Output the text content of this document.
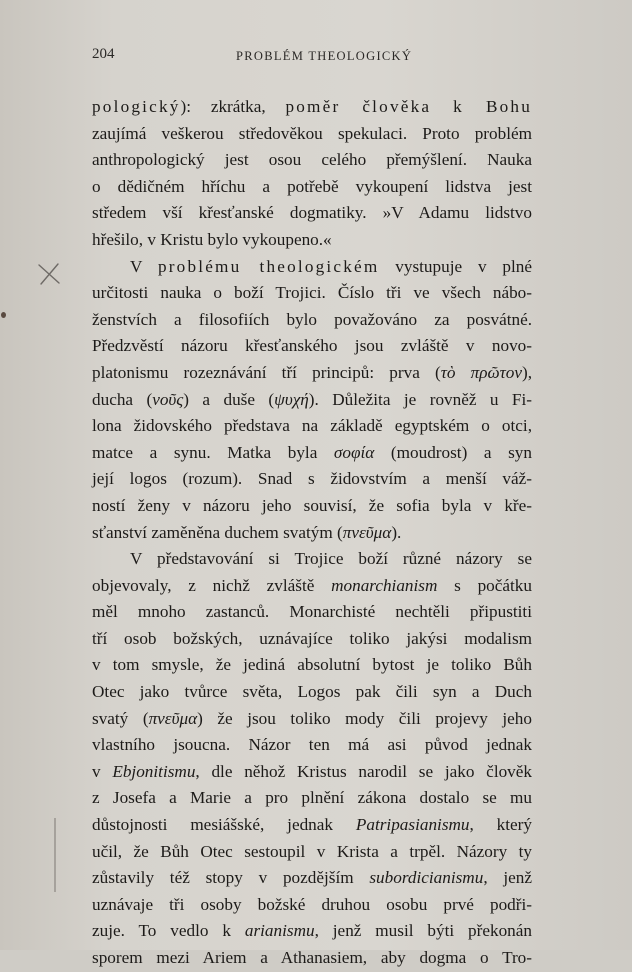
204	PROBLÉM THEOLOGICKÝ
pologický): zkrátka, poměr člověka k Bohu
zaujímá veškerou středověkou spekulaci. Proto problém
anthropologický jest osou celého přemýšlení. Nauka
o dědičném hříchu a potřebě vykoupení lidstva jest
středem vší křesťanské dogmatiky. »V Adamu lidstvo
hřešilo, v Kristu bylo vykoupeno.«
V problému theologickém vystupuje v plné
určitosti nauka o boží Trojici. Číslo tři ve všech nábo-
ženstvích a filosofiích bylo považováno za posvátné.
Předzvěstí názoru křesťanského jsou zvláště v novo-
platonismu rozeznávání tří principů: prva (τὸ πρῶτον),
ducha (νοῦς) a duše (ψυχή). Důležita je rovněž u Fi-
lona židovského představa na základě egyptském o otci,
matce a synu. Matka byla σοφία (moudrost) a syn
její logos (rozum). Snad s židovstvím a menší váž-
ností ženy v názoru jeho souvisí, že sofia byla v kře-
sťanství zaměněna duchem svatým (πνεῦμα).
V představování si Trojice boží různé názory se
objevovaly, z nichž zvláště monarchianism s počátku
měl mnoho zastanců. Monarchisté nechtěli připustiti
tří osob božských, uznávajíce toliko jakýsi modalism
v tom smysle, že jediná absolutní bytost je toliko Bůh
Otec jako tvůrce světa, Logos pak čili syn a Duch
svatý (πνεῦμα) že jsou toliko mody čili projevy jeho
vlastního jsoucna. Názor ten má asi původ jednak
v Ebjonitismu, dle něhož Kristus narodil se jako člověk
z Josefa a Marie a pro plnění zákona dostalo se mu
důstojnosti mesiášské, jednak Patripasianismu, který
učil, že Bůh Otec sestoupil v Krista a trpěl. Názory ty
zůstavily též stopy v pozdějším subordicianismu, jenž
uznávaje tři osoby božské druhou osobu prvé podři-
zuje. To vedlo k arianismu, jenž musil býti překonán
sporem mezi Ariem a Athanasiem, aby dogma o Tro-
